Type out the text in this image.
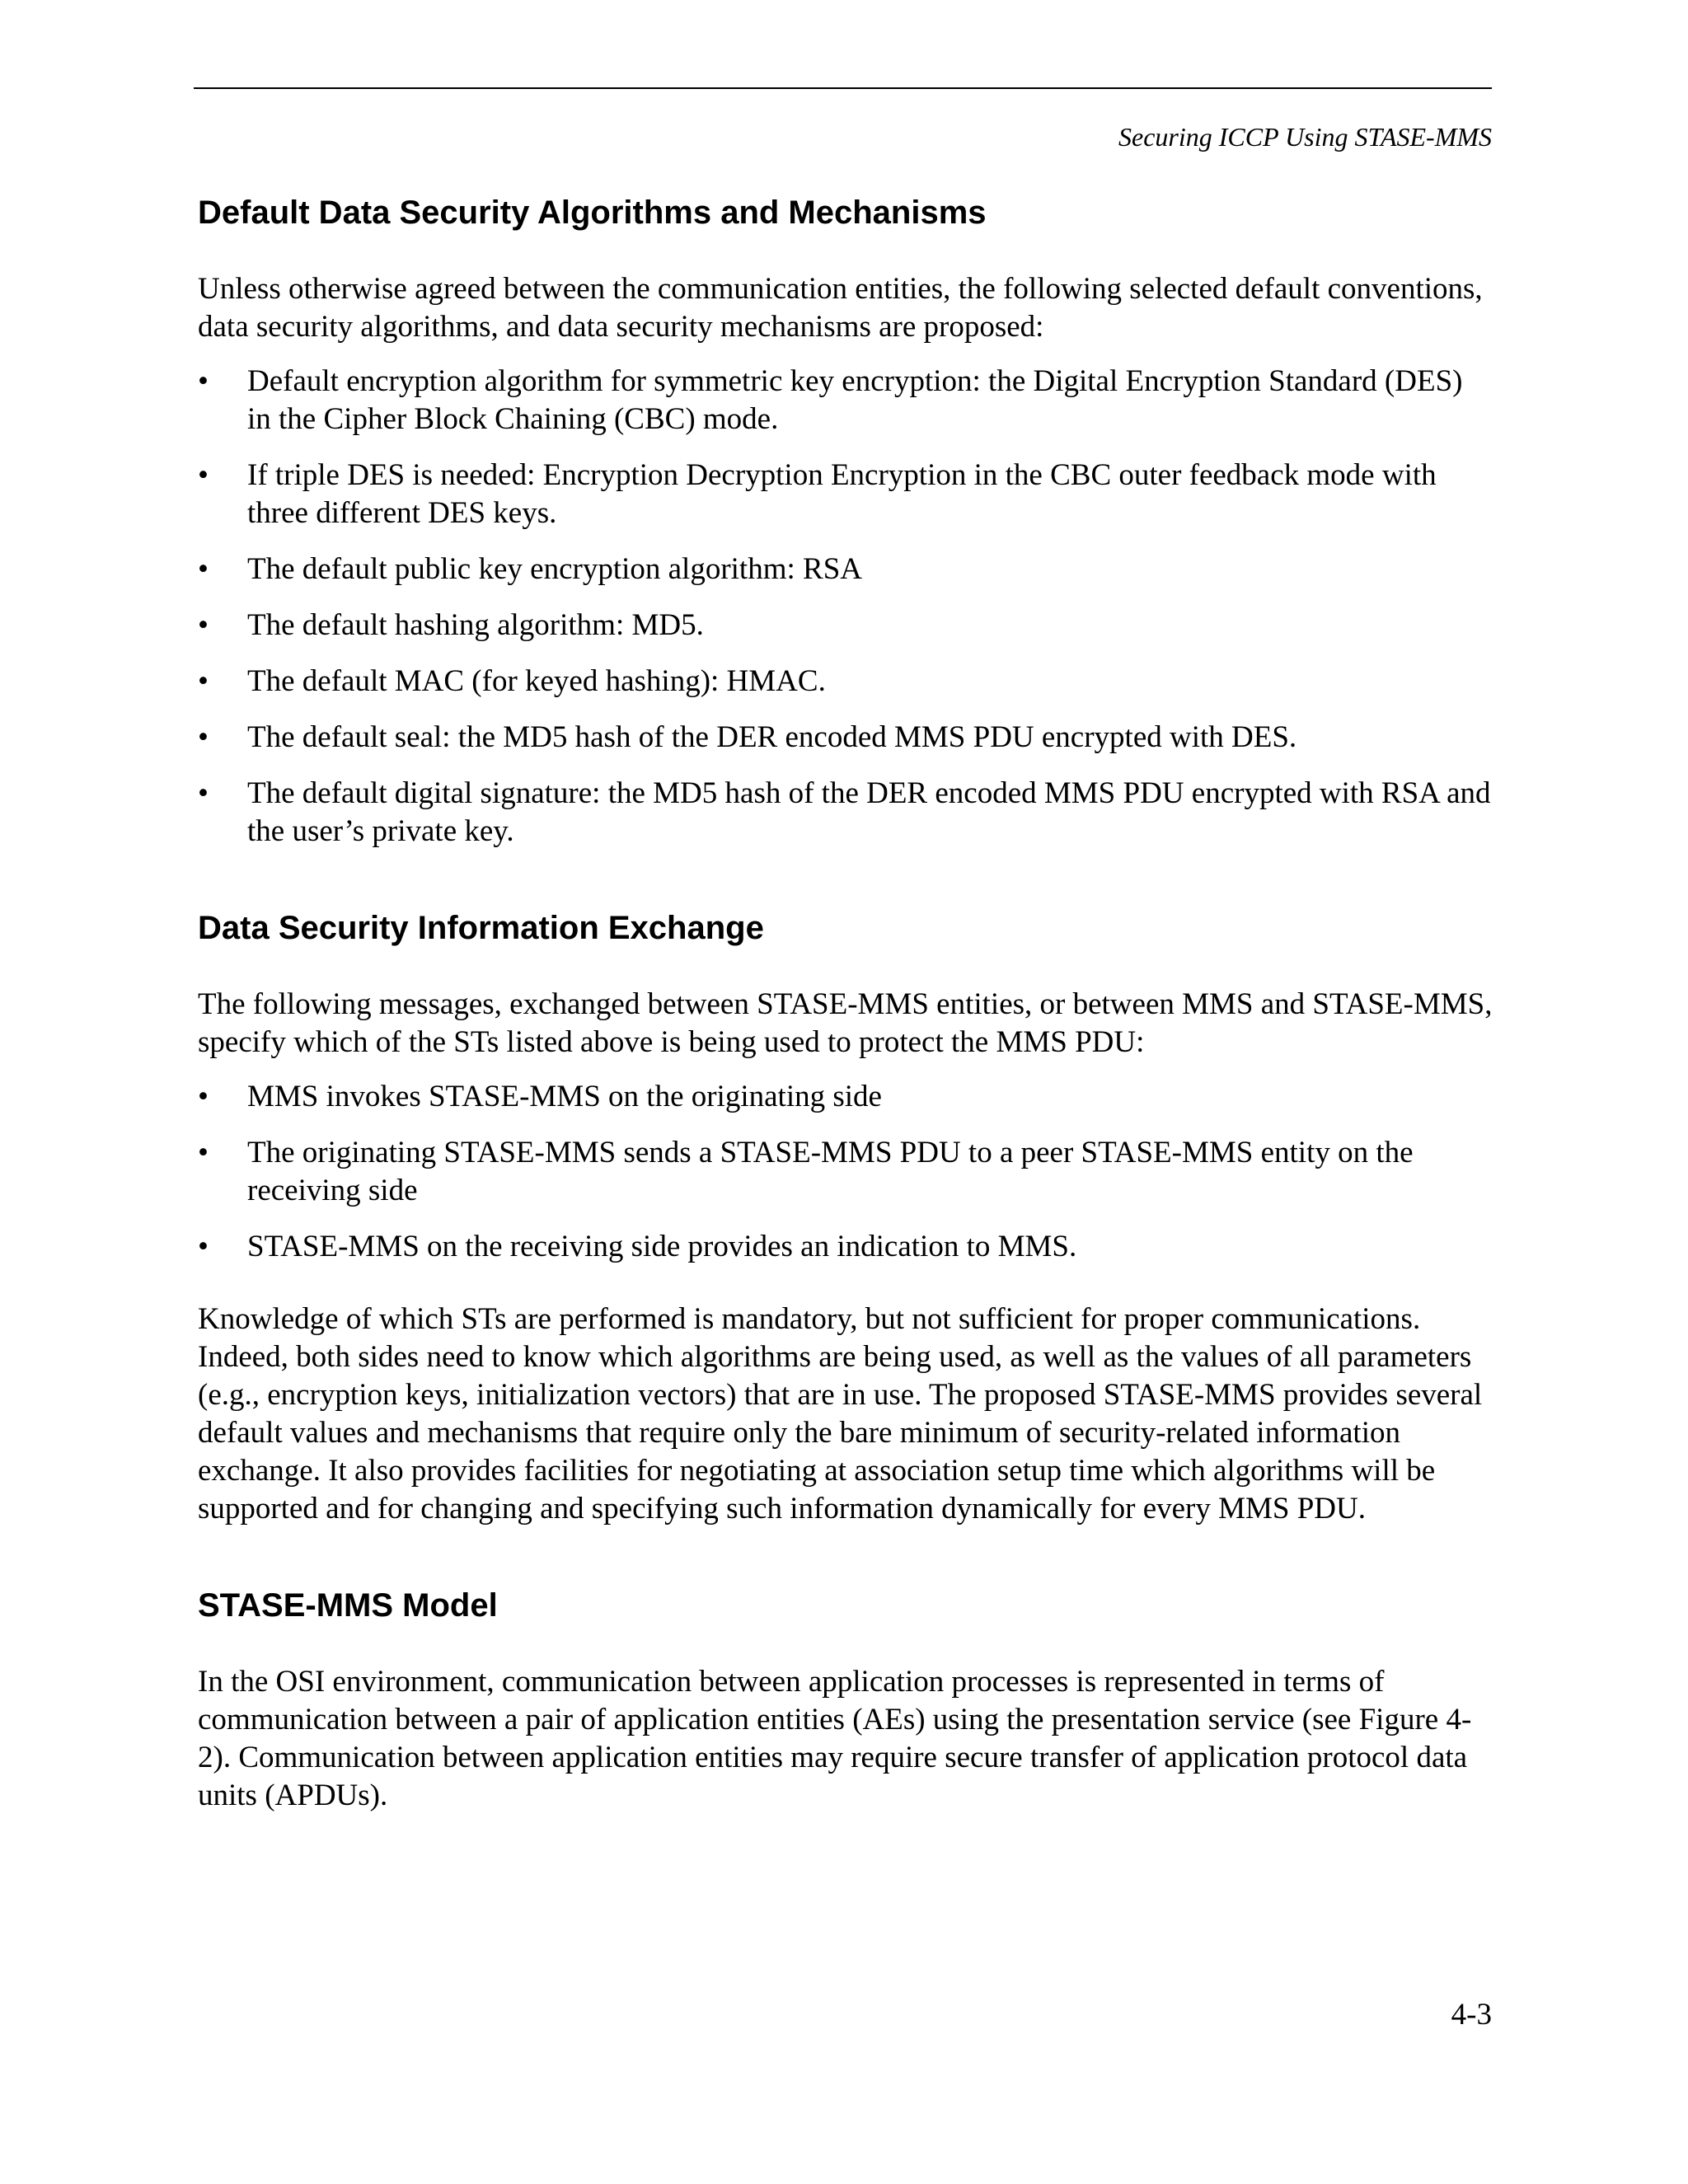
Securing ICCP Using STASE-MMS
Default Data Security Algorithms and Mechanisms

Unless otherwise agreed between the communication entities, the following selected default conventions, data security algorithms, and data security mechanisms are proposed:

• Default encryption algorithm for symmetric key encryption: the Digital Encryption Standard (DES) in the Cipher Block Chaining (CBC) mode.
• If triple DES is needed: Encryption Decryption Encryption in the CBC outer feedback mode with three different DES keys.
• The default public key encryption algorithm: RSA
• The default hashing algorithm: MD5.
• The default MAC (for keyed hashing): HMAC.
• The default seal: the MD5 hash of the DER encoded MMS PDU encrypted with DES.
• The default digital signature: the MD5 hash of the DER encoded MMS PDU encrypted with RSA and the user’s private key.
Data Security Information Exchange

The following messages, exchanged between STASE-MMS entities, or between MMS and STASE-MMS, specify which of the STs listed above is being used to protect the MMS PDU:

• MMS invokes STASE-MMS on the originating side
• The originating STASE-MMS sends a STASE-MMS PDU to a peer STASE-MMS entity on the receiving side
• STASE-MMS on the receiving side provides an indication to MMS.

Knowledge of which STs are performed is mandatory, but not sufficient for proper communications. Indeed, both sides need to know which algorithms are being used, as well as the values of all parameters (e.g., encryption keys, initialization vectors) that are in use. The proposed STASE-MMS provides several default values and mechanisms that require only the bare minimum of security-related information exchange. It also provides facilities for negotiating at association setup time which algorithms will be supported and for changing and specifying such information dynamically for every MMS PDU.

STASE-MMS Model

In the OSI environment, communication between application processes is represented in terms of communication between a pair of application entities (AEs) using the presentation service (see Figure 4-2). Communication between application entities may require secure transfer of application protocol data units (APDUs).

4-3
